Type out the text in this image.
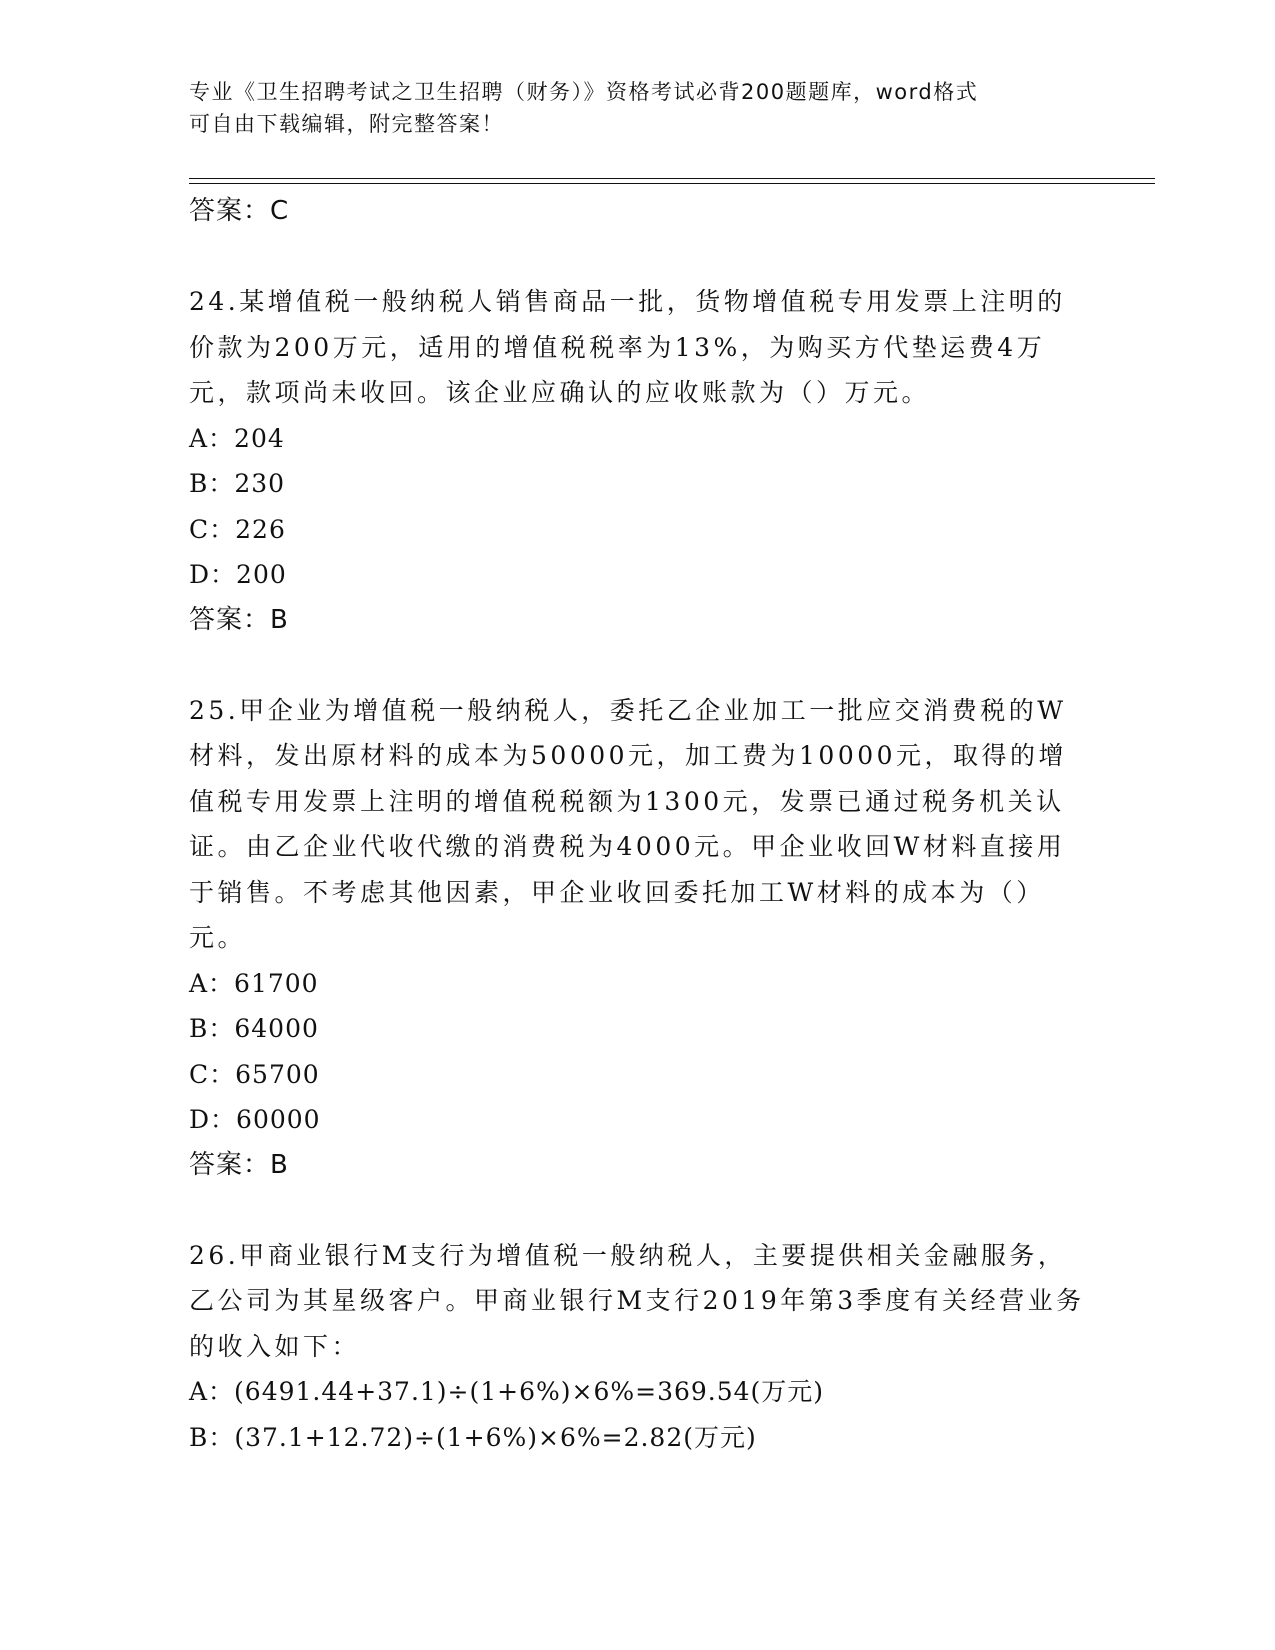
专业《卫生招聘考试之卫生招聘（财务）》资格考试必背200题题库，word格式
可自由下载编辑，附完整答案！
答案：C

24.某增值税一般纳税人销售商品一批，货物增值税专用发票上注明的价款为200万元，适用的增值税税率为13%，为购买方代垫运费4万元，款项尚未收回。该企业应确认的应收账款为（）万元。

A：204
B：230
C：226
D：200
答案：B

25.甲企业为增值税一般纳税人，委托乙企业加工一批应交消费税的W材料，发出原材料的成本为50000元，加工费为10000元，取得的增值税专用发票上注明的增值税税额为1300元，发票已通过税务机关认证。由乙企业代收代缴的消费税为4000元。甲企业收回W材料直接用于销售。不考虑其他因素，甲企业收回委托加工W材料的成本为（）元。

A：61700
B：64000
C：65700
D：60000
答案：B

26.甲商业银行M支行为增值税一般纳税人，主要提供相关金融服务，乙公司为其星级客户。甲商业银行M支行2019年第3季度有关经营业务的收入如下：

A：(6491.44+37.1)÷(1+6%)×6%=369.54(万元)
B：(37.1+12.72)÷(1+6%)×6%=2.82(万元)
